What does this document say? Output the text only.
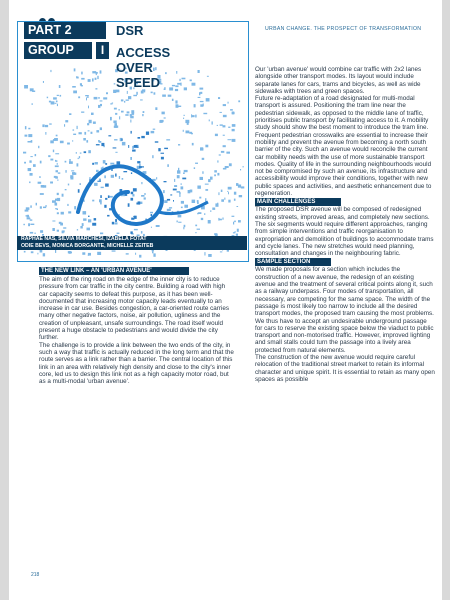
URBAN CHANGE. THE PROSPECT OF TRANSFORMATION
PART 2	DSR
GROUP	I ACCESS
OVER
SPEED
RAPHAE NAS, SILVIA MARCHESI, IZABELA FOTAT
ODIE BEVS, MONICA BORGANTE, MICHELLE ZEITEB
THE NEW LINK – AN 'URBAN AVENUE'

The aim of the ring road on the edge of the inner city is to reduce pressure from car traffic in the city centre. Building a road with high car capacity seems to defeat this purpose, as it has been well-documented that increasing motor capacity leads eventually to an increase in car use. Besides congestion, a car-oriented route carries many other negative factors, noise, air pollution, ugliness and the creation of unpleasant, unsafe surroundings. The road itself would present a huge obstacle to pedestrians and would divide the city further.

The challenge is to provide a link between the two ends of the city, in such a way that traffic is actually reduced in the long term and that the route serves as a link rather than a barrier. The central location of this link in an area with relatively high density and close to the city's inner core, led us to design this link not as a high capacity motor road, but as a multi-modal 'urban avenue'.

Our 'urban avenue' would combine car traffic with 2x2 lanes alongside other transport modes. Its layout would include separate lanes for cars, trams and bicycles, as well as wide sidewalks with trees and green spaces.

Future re-adaptation of a road designated for multi-modal transport is assured. Positioning the tram line near the pedestrian sidewalk, as opposed to the middle lane of traffic, prioritises public transport by facilitating access to it. A mobility study should show the best moment to introduce the tram line. Frequent pedestrian crosswalks are essential to increase their mobility and prevent the avenue from becoming a north south barrier of the city. Such an avenue would reconcile the current car mobility needs with the use of more sustainable transport modes. Quality of life in the surrounding neighbourhoods would not be compromised by such an avenue, its infrastructure and accessibility would improve their conditions, together with new public spaces and activities, and aesthetic enhancement due to regeneration.

MAIN CHALLENGES

The proposed DSR avenue will be composed of redesigned existing streets, improved areas, and completely new sections. The six segments would require different approaches, ranging from simple interventions and traffic reorganisation to expropriation and demolition of buildings to accommodate trams and cycle lanes. The new stretches would need planning, consultation and changes in the neighbouring fabric.

SAMPLE SECTION

We made proposals for a section which includes the construction of a new avenue, the redesign of an existing avenue and the treatment of several critical points along it, such as a railway underpass. Four modes of transportation, all necessary, are competing for the same space. The width of the passage is most likely too narrow to include all the desired transport modes, the proposed tram causing the most problems. We thus have to accept an undesirable underground passage for cars to reserve the existing space below the viaduct to public transport and non-motorised traffic. However, improved lighting and small stalls could turn the passage into a lively area protected from natural elements.

The construction of the new avenue would require careful relocation of the traditional street market to retain its informal character and unique spirit. It is essential to retain as many open spaces as possible

218
